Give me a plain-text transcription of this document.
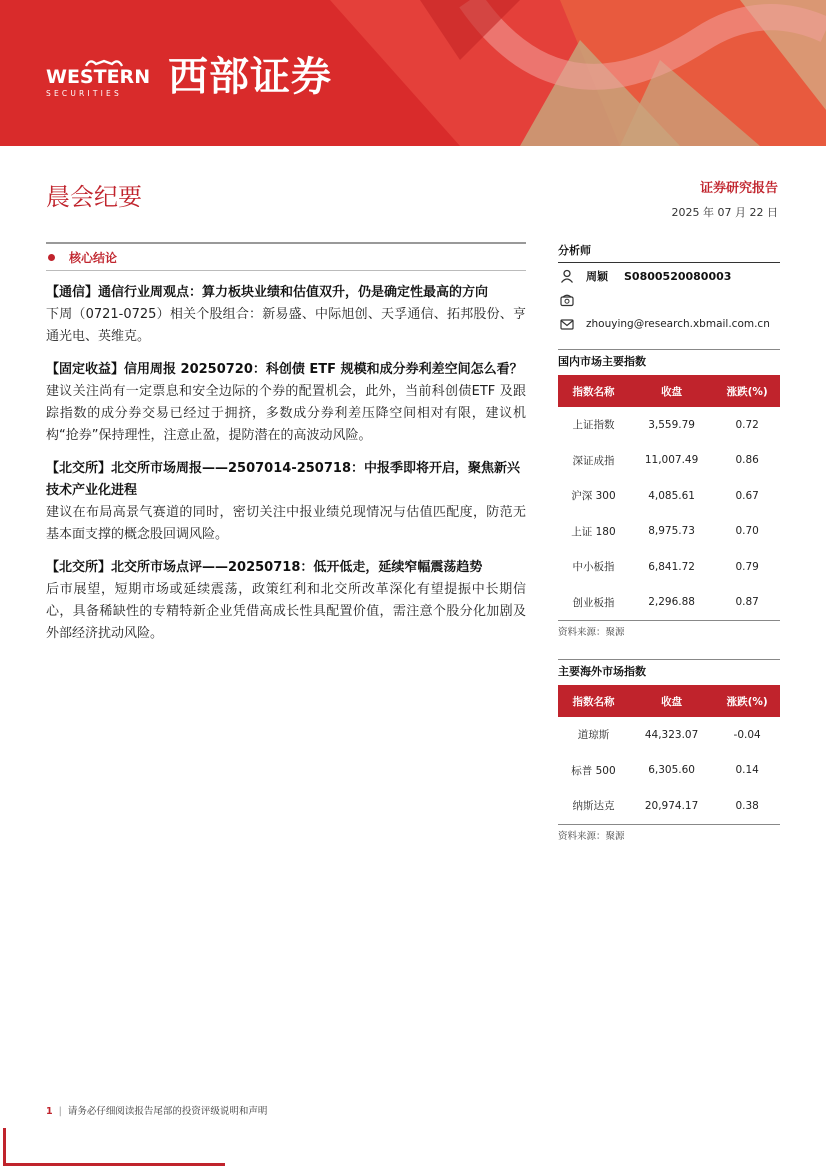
WESTERN
SECURITIES	西部证券
晨会纪要	证券研究报告
2025 年 07 月 22 日
核心结论
【通信】通信行业周观点：算力板块业绩和估值双升，仍是确定性最高的方向
下周（0721-0725）相关个股组合：新易盛、中际旭创、天孚通信、拓邦股份、亨通光电、英维克。
【固定收益】信用周报 20250720：科创债 ETF 规模和成分券利差空间怎么看？
建议关注尚有一定票息和安全边际的个券的配置机会，此外，当前科创债ETF 及跟踪指数的成分券交易已经过于拥挤，多数成分券利差压降空间相对有限，建议机构“抢券”保持理性，注意止盈，提防潜在的高波动风险。
【北交所】北交所市场周报——2507014-250718：中报季即将开启，聚焦新兴技术产业化进程
建议在布局高景气赛道的同时，密切关注中报业绩兑现情况与估值匹配度，防范无基本面支撑的概念股回调风险。
【北交所】北交所市场点评——20250718：低开低走，延续窄幅震荡趋势
后市展望，短期市场或延续震荡，政策红利和北交所改革深化有望提振中长期信心，具备稀缺性的专精特新企业凭借高成长性具配置价值，需注意个股分化加剧及外部经济扰动风险。
分析师
周颖 S0800520080003
zhouying@research.xbmail.com.cn
国内市场主要指数
指数名称	收盘	涨跌(%)
上证指数	3,559.79	0.72
深证成指	11,007.49	0.86
沪深 300	4,085.61	0.67
上证 180	8,975.73	0.70
中小板指	6,841.72	0.79
创业板指	2,296.88	0.87
资料来源：聚源
主要海外市场指数
指数名称	收盘	涨跌(%)
道琼斯	44,323.07	-0.04
标普 500	6,305.60	0.14
纳斯达克	20,974.17	0.38
资料来源：聚源
1 | 请务必仔细阅读报告尾部的投资评级说明和声明
